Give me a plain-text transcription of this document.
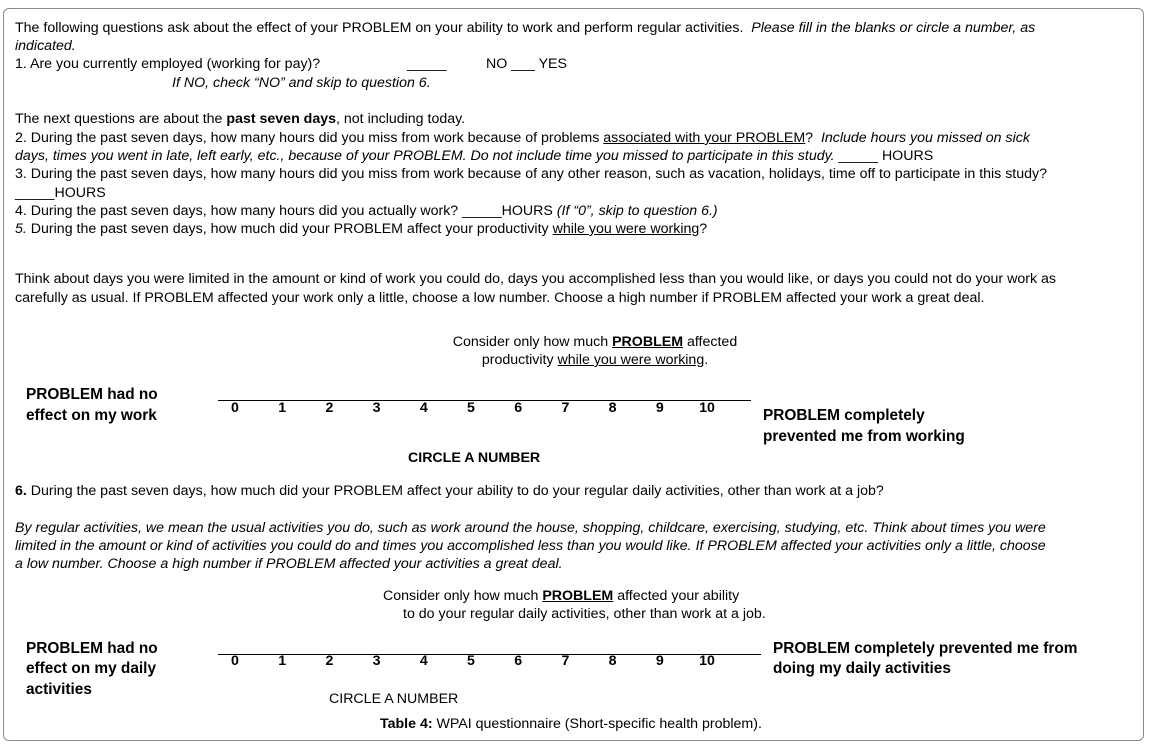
The following questions ask about the effect of your PROBLEM on your ability to work and perform regular activities. Please fill in the blanks or circle a number, as
indicated.
1. Are you currently employed (working for pay)?	_____	NO ___ YES
If NO, check “NO” and skip to question 6.
The next questions are about the past seven days, not including today.
2. During the past seven days, how many hours did you miss from work because of problems associated with your PROBLEM? Include hours you missed on sick
days, times you went in late, left early, etc., because of your PROBLEM. Do not include time you missed to participate in this study. _____ HOURS
3. During the past seven days, how many hours did you miss from work because of any other reason, such as vacation, holidays, time off to participate in this study?
_____HOURS
4. During the past seven days, how many hours did you actually work? _____HOURS (If “0”, skip to question 6.)
5. During the past seven days, how much did your PROBLEM affect your productivity while you were working?
Think about days you were limited in the amount or kind of work you could do, days you accomplished less than you would like, or days you could not do your work as
carefully as usual. If PROBLEM affected your work only a little, choose a low number. Choose a high number if PROBLEM affected your work a great deal.
Consider only how much PROBLEM affected
productivity while you were working.
PROBLEM had no
effect on my work	0	1	2	3	4	5	6	7	8	9	10	PROBLEM completely
prevented me from working
CIRCLE A NUMBER
6. During the past seven days, how much did your PROBLEM affect your ability to do your regular daily activities, other than work at a job?
By regular activities, we mean the usual activities you do, such as work around the house, shopping, childcare, exercising, studying, etc. Think about times you were
limited in the amount or kind of activities you could do and times you accomplished less than you would like. If PROBLEM affected your activities only a little, choose
a low number. Choose a high number if PROBLEM affected your activities a great deal.
Consider only how much PROBLEM affected your ability
to do your regular daily activities, other than work at a job.
PROBLEM had no
effect on my daily
activities
0	1	2	3	4	5	6	7	8	9	10
PROBLEM completely prevented me from
doing my daily activities
CIRCLE A NUMBER
Table 4: WPAI questionnaire (Short-specific health problem).
